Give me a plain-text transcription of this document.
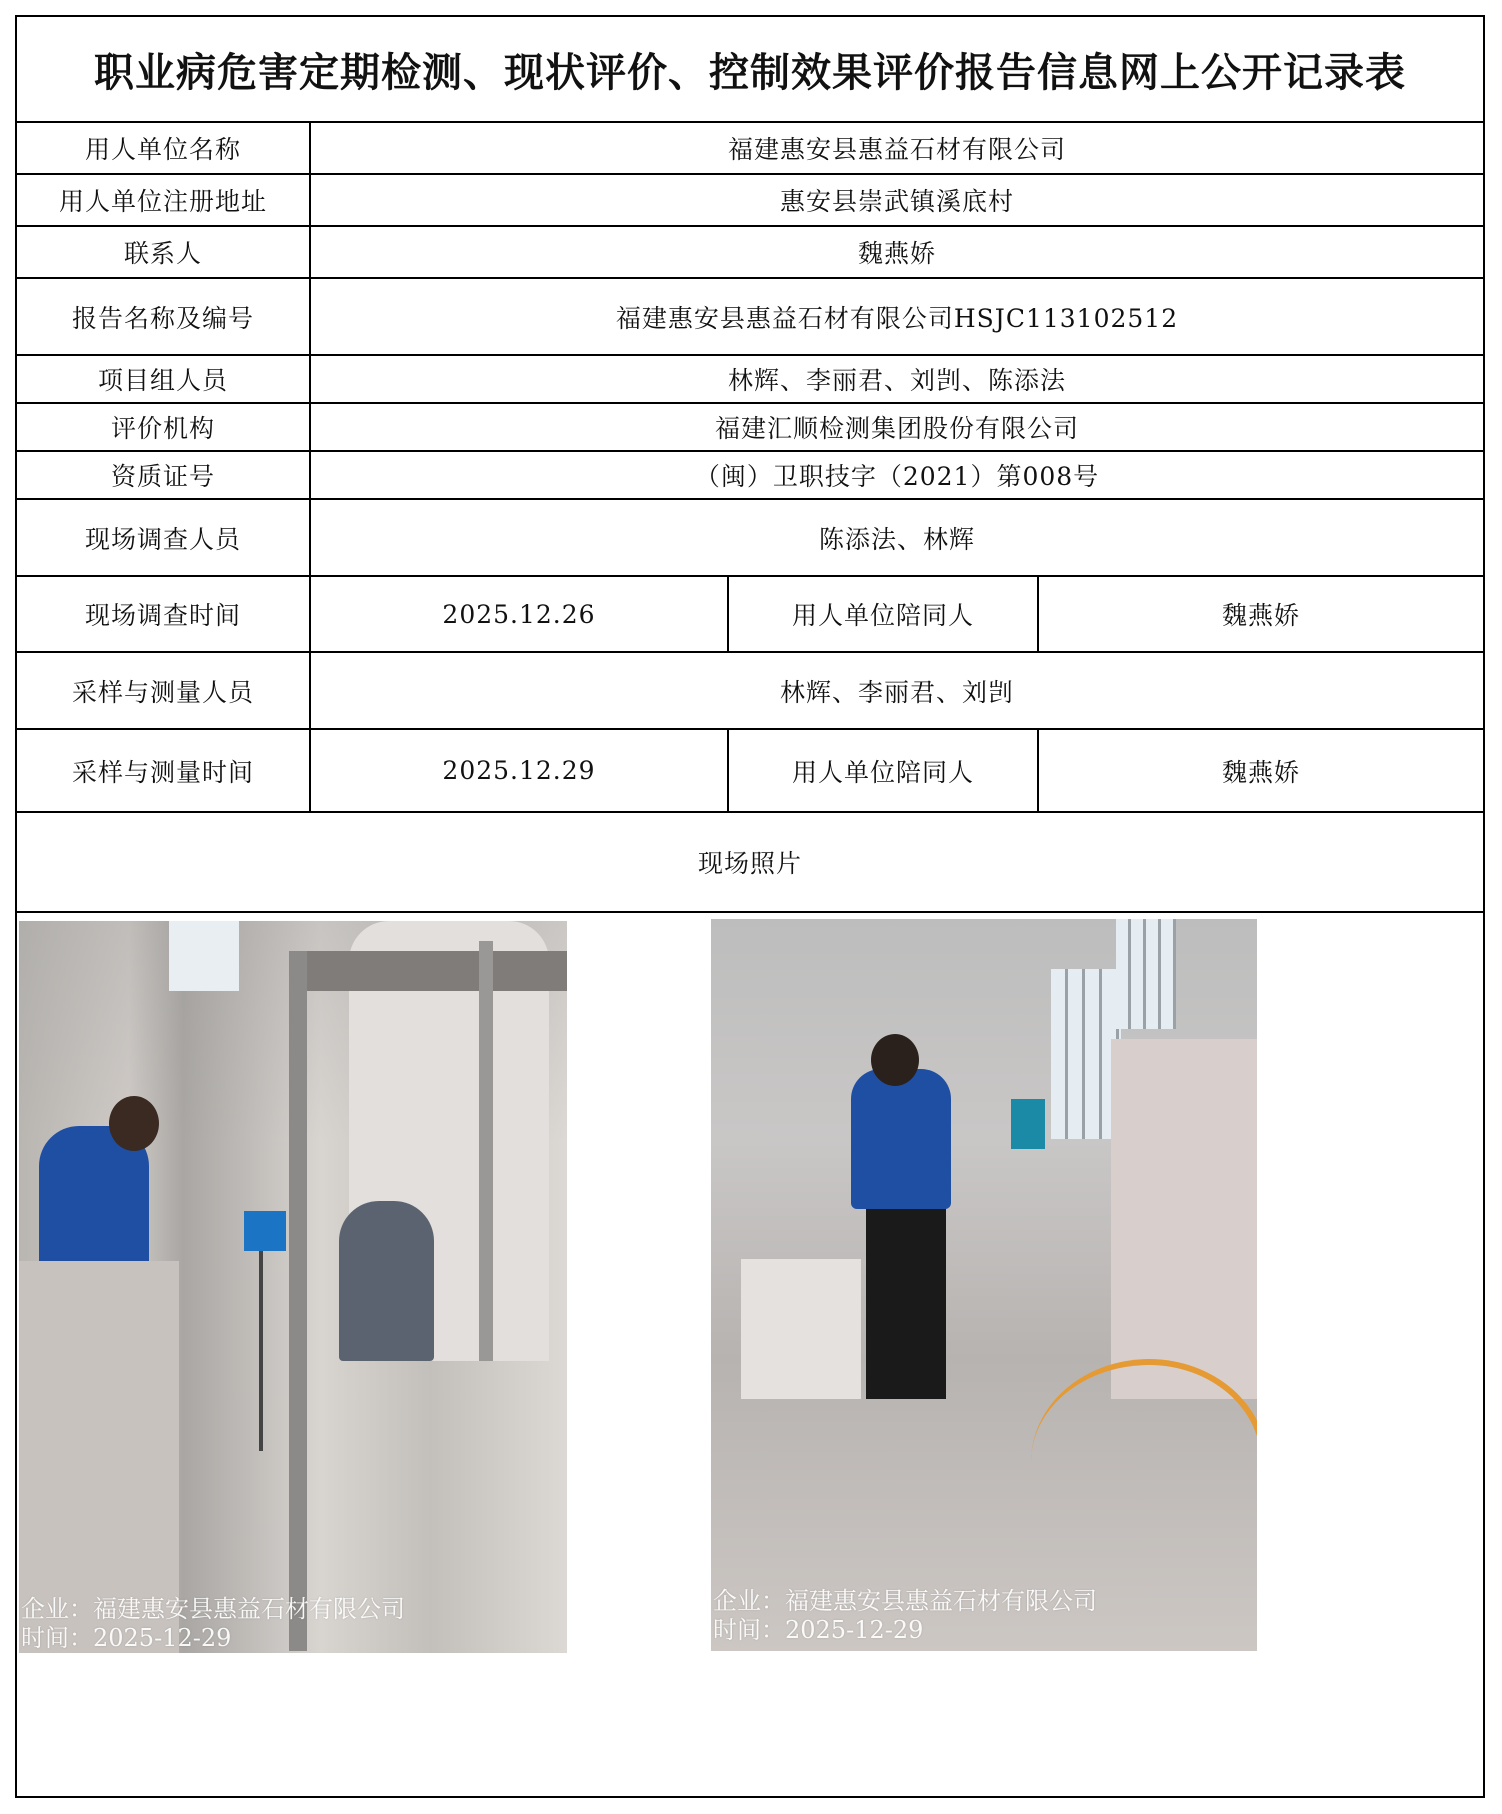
职业病危害定期检测、现状评价、控制效果评价报告信息网上公开记录表
用人单位名称	福建惠安县惠益石材有限公司
用人单位注册地址	惠安县崇武镇溪底村
联系人	魏燕娇
报告名称及编号	福建惠安县惠益石材有限公司HSJC113102512
项目组人员	林辉、李丽君、刘剀、陈添法
评价机构	福建汇顺检测集团股份有限公司
资质证号	（闽）卫职技字（2021）第008号
现场调查人员	陈添法、林辉
现场调查时间	2025.12.26	用人单位陪同人	魏燕娇
采样与测量人员	林辉、李丽君、刘剀
采样与测量时间	2025.12.29	用人单位陪同人	魏燕娇
现场照片
企业：福建惠安县惠益石材有限公司
时间：2025-12-29
企业：福建惠安县惠益石材有限公司
时间：2025-12-29
